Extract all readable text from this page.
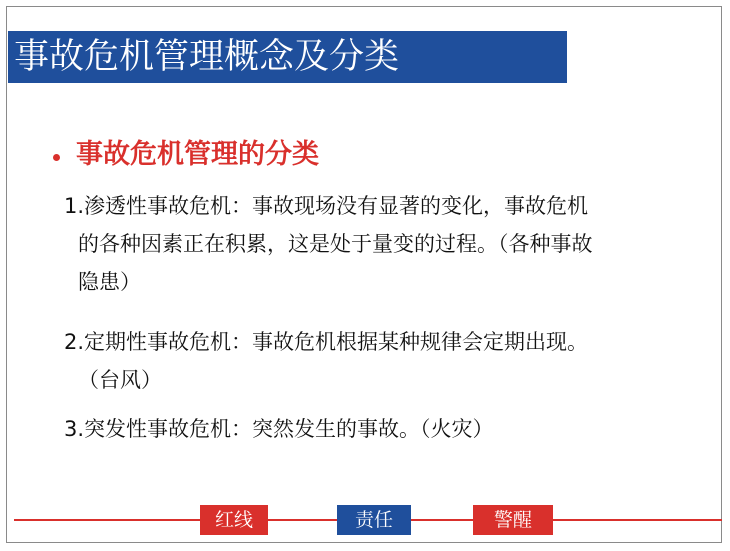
事故危机管理概念及分类
事故危机管理的分类
1.渗透性事故危机：事故现场没有显著的变化，事故危机
的各种因素正在积累，这是处于量变的过程。（各种事故
隐患）
2.定期性事故危机：事故危机根据某种规律会定期出现。
（台风）
3.突发性事故危机：突然发生的事故。（火灾）
红线	责任	警醒
